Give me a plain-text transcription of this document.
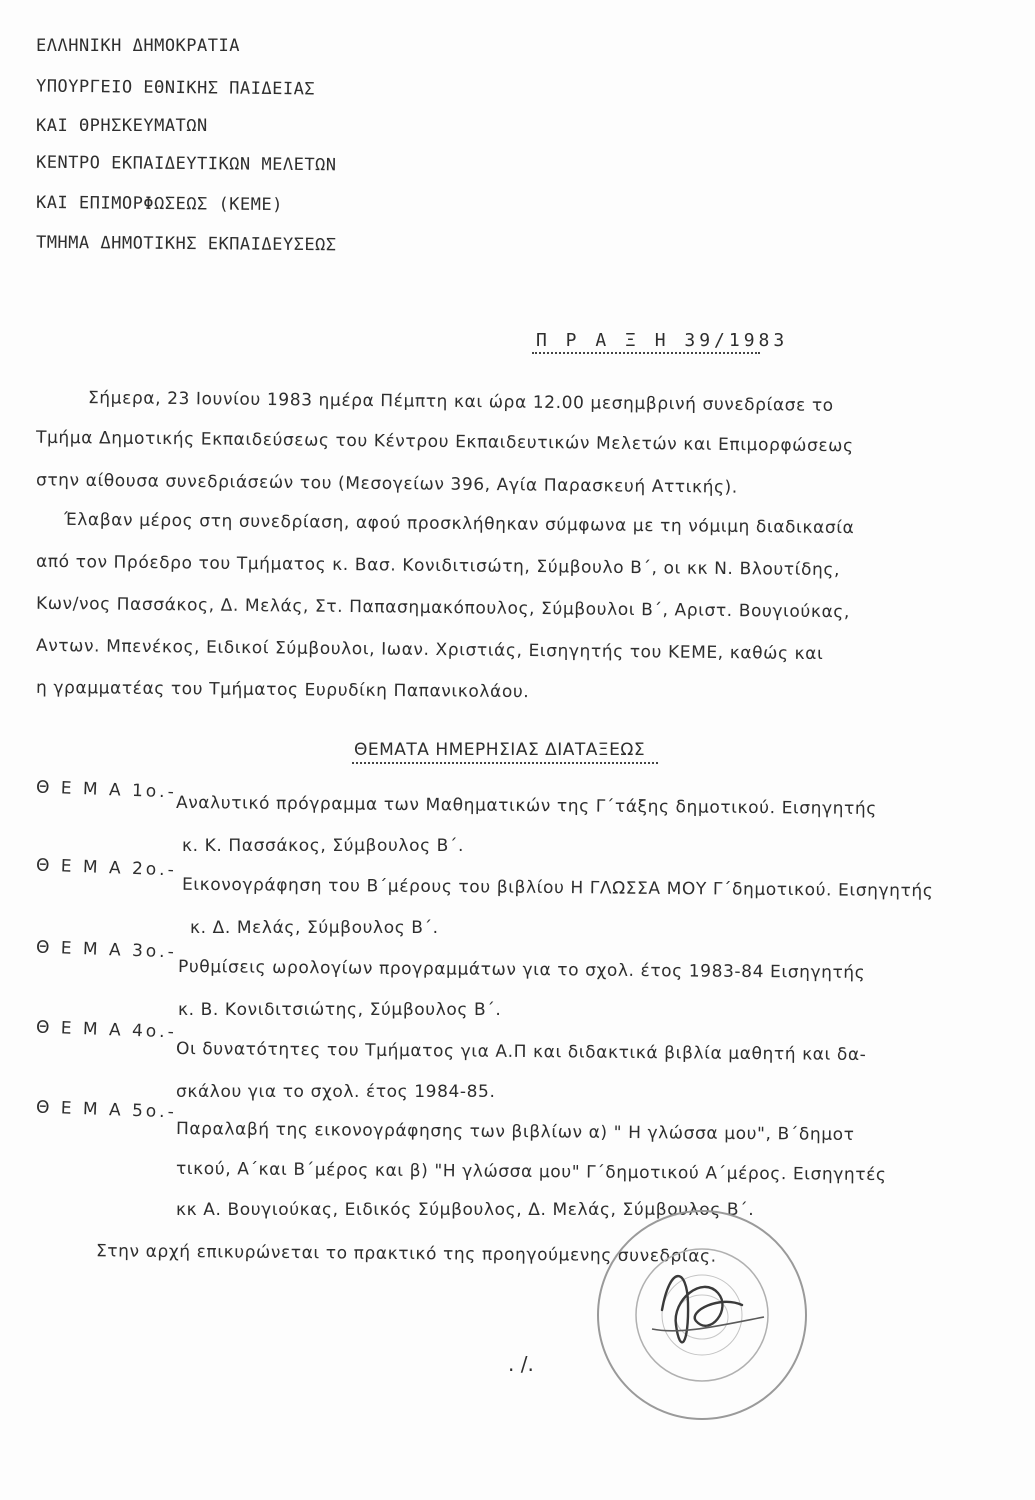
ΕΛΛΗΝΙΚΗ ΔΗΜΟΚΡΑΤΙΑ
ΥΠΟΥΡΓΕΙΟ ΕΘΝΙΚΗΣ ΠΑΙΔΕΙΑΣ
ΚΑΙ ΘΡΗΣΚΕΥΜΑΤΩΝ
ΚΕΝΤΡΟ ΕΚΠΑΙΔΕΥΤΙΚΩΝ ΜΕΛΕΤΩΝ
ΚΑΙ ΕΠΙΜΟΡΦΩΣΕΩΣ (ΚΕΜΕ)
ΤΜΗΜΑ ΔΗΜΟΤΙΚΗΣ ΕΚΠΑΙΔΕΥΣΕΩΣ
Π Ρ Α Ξ Η 39/1983
Σήμερα, 23 Ιουνίου 1983 ημέρα Πέμπτη και ώρα 12.00 μεσημβρινή συνεδρίασε το
Τμήμα Δημοτικής Εκπαιδεύσεως του Κέντρου Εκπαιδευτικών Μελετών και Επιμορφώσεως
στην αίθουσα συνεδριάσεών του (Μεσογείων 396, Αγία Παρασκευή Αττικής).
Έλαβαν μέρος στη συνεδρίαση, αφού προσκλήθηκαν σύμφωνα με τη νόμιμη διαδικασία
από τον Πρόεδρο του Τμήματος κ. Βασ. Κονιδιτισώτη, Σύμβουλο Β΄, οι κκ Ν. Βλουτίδης,
Κων/νος Πασσάκος, Δ. Μελάς, Στ. Παπασημακόπουλος, Σύμβουλοι Β΄, Αριστ. Βουγιούκας,
Αντων. Μπενέκος, Ειδικοί Σύμβουλοι, Ιωαν. Χριστιάς, Εισηγητής του ΚΕΜΕ, καθώς και
η γραμματέας του Τμήματος Ευρυδίκη Παπανικολάου.
ΘΕΜΑΤΑ ΗΜΕΡΗΣΙΑΣ ΔΙΑΤΑΞΕΩΣ
Θ Ε Μ Α 1ο.-
Αναλυτικό πρόγραμμα των Μαθηματικών της Γ΄τάξης δημοτικού. Εισηγητής
κ. Κ. Πασσάκος, Σύμβουλος Β΄.
Θ Ε Μ Α 2ο.-
Εικονογράφηση του Β΄μέρους του βιβλίου Η ΓΛΩΣΣΑ ΜΟΥ Γ΄δημοτικού. Εισηγητής
κ. Δ. Μελάς, Σύμβουλος Β΄.
Θ Ε Μ Α 3ο.-
Ρυθμίσεις ωρολογίων προγραμμάτων για το σχολ. έτος 1983-84 Εισηγητής
κ. Β. Κονιδιτσιώτης, Σύμβουλος Β΄.
Θ Ε Μ Α 4ο.-
Οι δυνατότητες του Τμήματος για Α.Π και διδακτικά βιβλία μαθητή και δα-
σκάλου για το σχολ. έτος 1984-85.
Θ Ε Μ Α 5ο.-
Παραλαβή της εικονογράφησης των βιβλίων α) " Η γλώσσα μου", Β΄δημοτ
τικού, Α΄και Β΄μέρος και β) "Η γλώσσα μου" Γ΄δημοτικού Α΄μέρος. Εισηγητές
κκ Α. Βουγιούκας, Ειδικός Σύμβουλος, Δ. Μελάς, Σύμβουλος Β΄.
Στην αρχή επικυρώνεται το πρακτικό της προηγούμενης συνεδρίας.
. /.
